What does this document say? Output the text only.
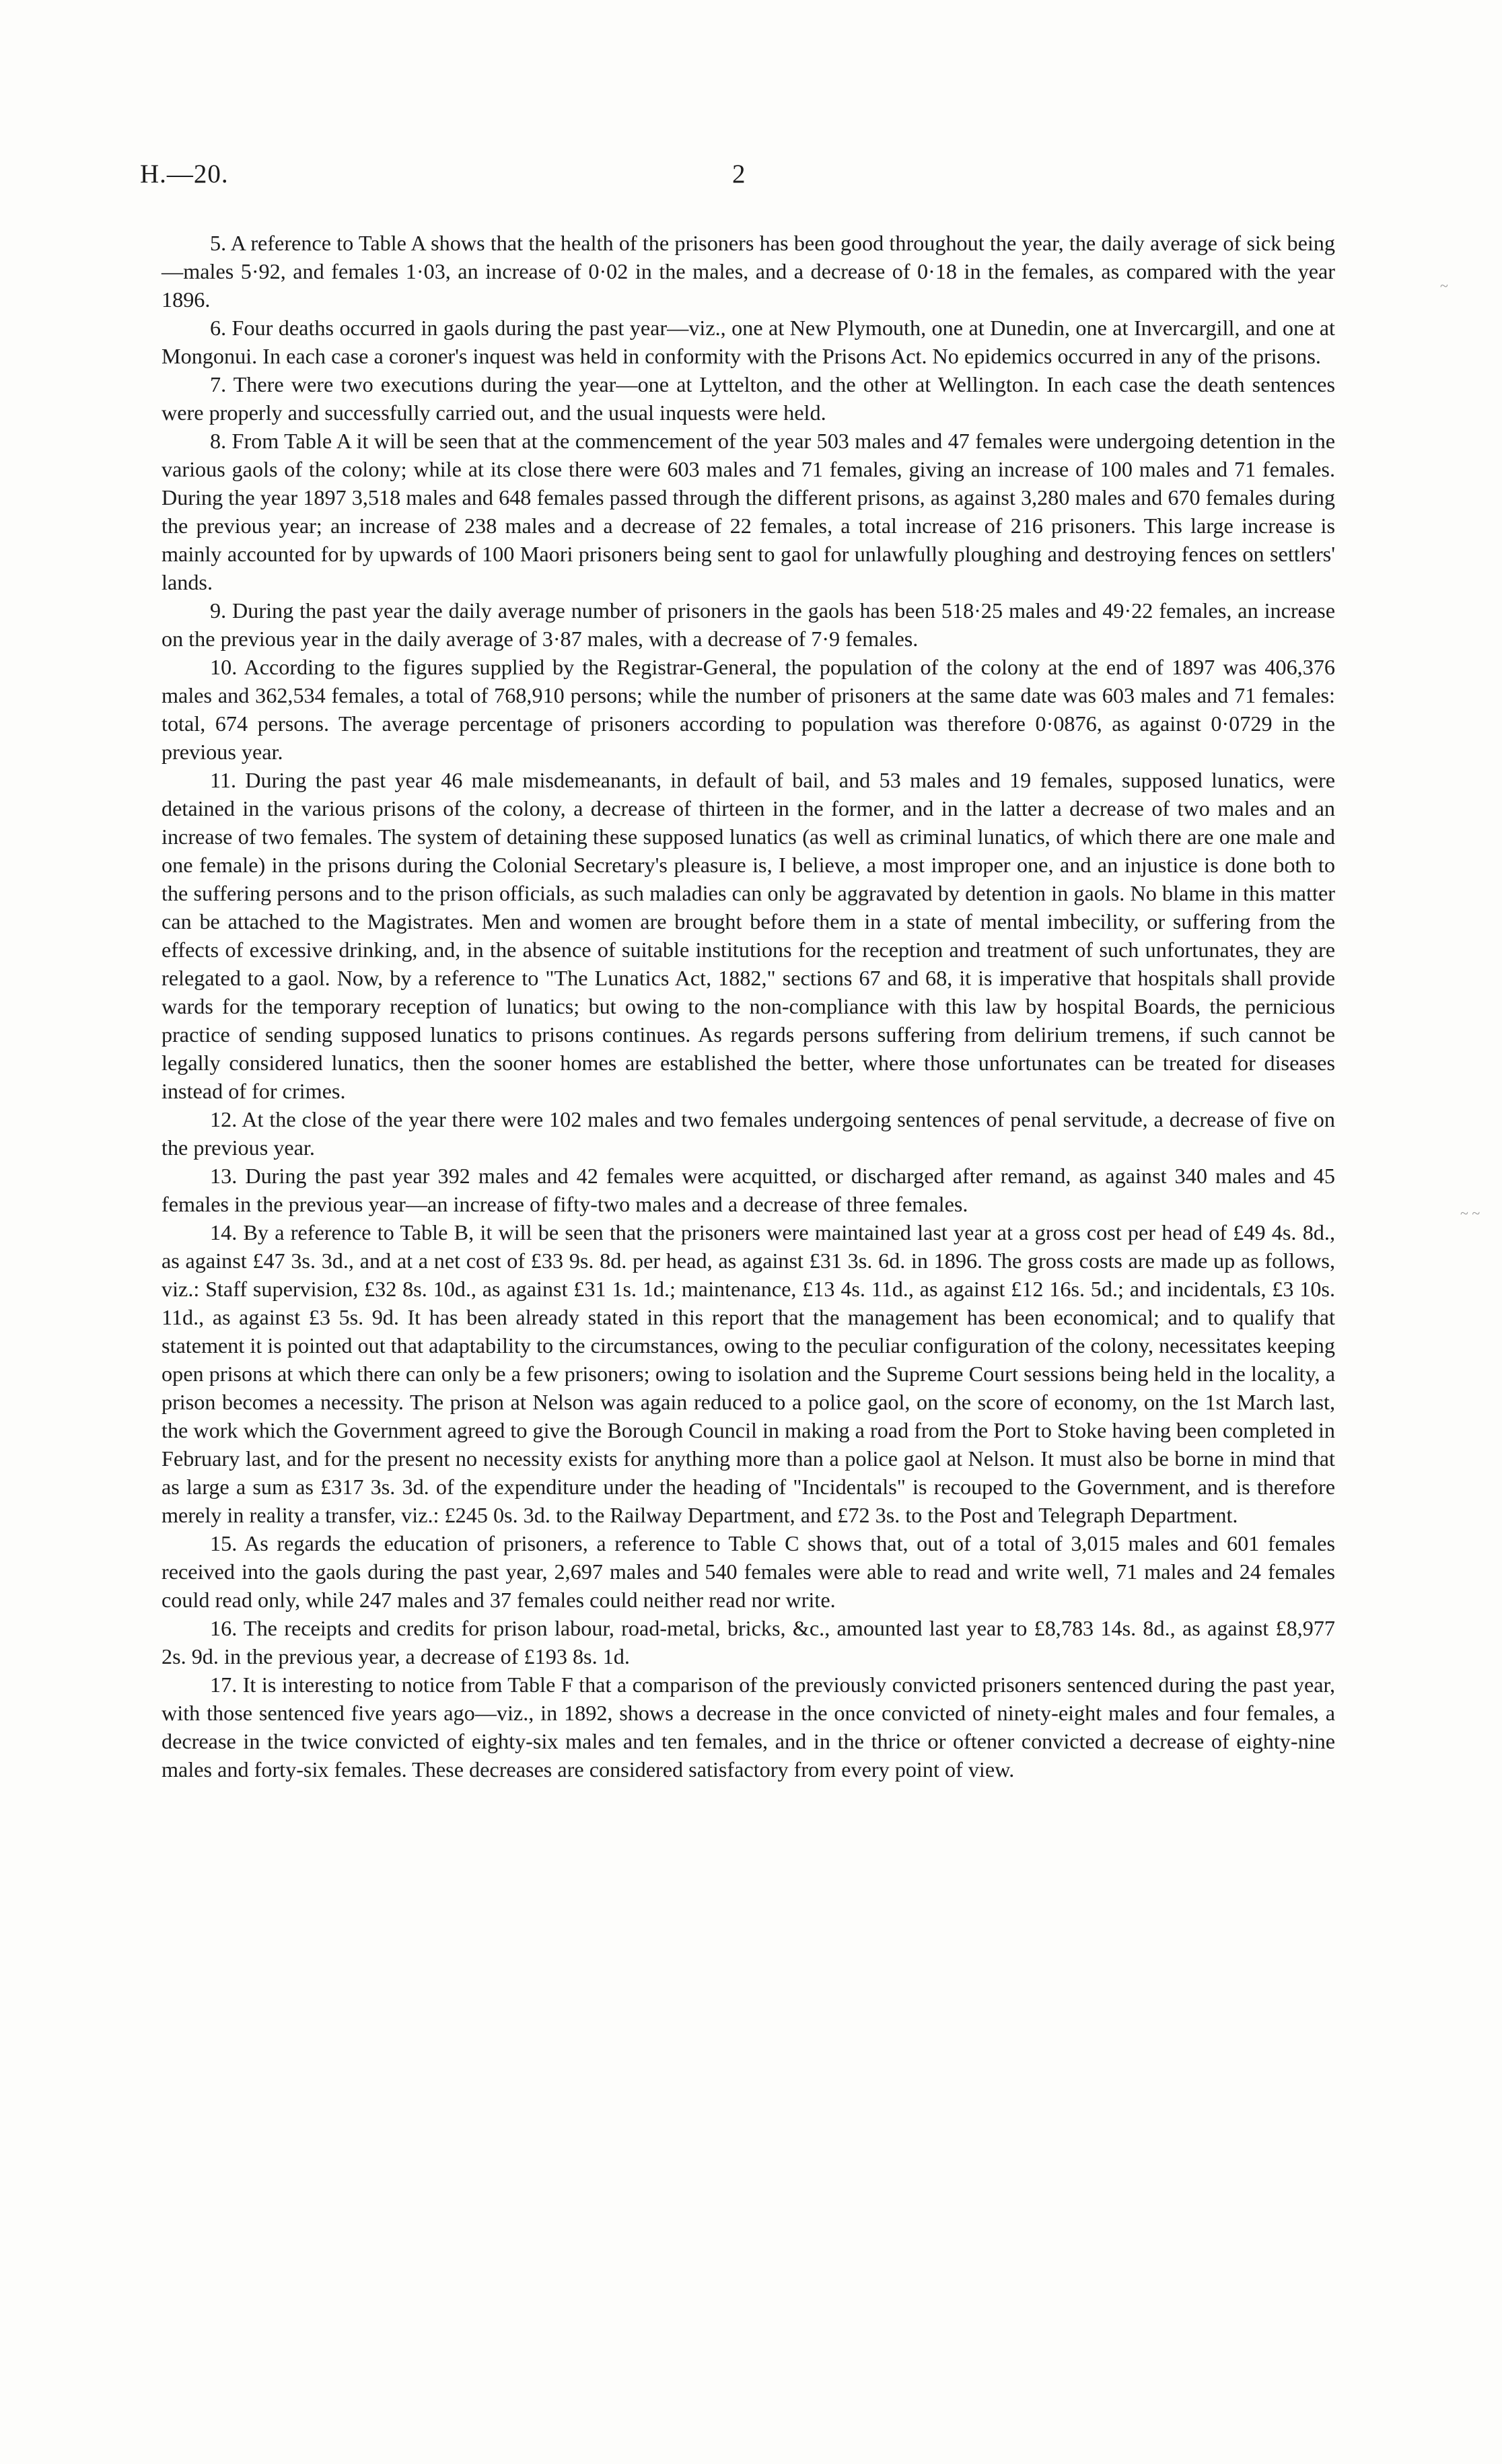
H.—20.	2
~
~ ~

5. A reference to Table A shows that the health of the prisoners has been good throughout the year, the daily average of sick being—males 5·92, and females 1·03, an increase of 0·02 in the males, and a decrease of 0·18 in the females, as compared with the year 1896.

6. Four deaths occurred in gaols during the past year—viz., one at New Plymouth, one at Dunedin, one at Invercargill, and one at Mongonui. In each case a coroner's inquest was held in conformity with the Prisons Act. No epidemics occurred in any of the prisons.

7. There were two executions during the year—one at Lyttelton, and the other at Wellington. In each case the death sentences were properly and successfully carried out, and the usual inquests were held.

8. From Table A it will be seen that at the commencement of the year 503 males and 47 females were undergoing detention in the various gaols of the colony; while at its close there were 603 males and 71 females, giving an increase of 100 males and 71 females. During the year 1897 3,518 males and 648 females passed through the different prisons, as against 3,280 males and 670 females during the previous year; an increase of 238 males and a decrease of 22 females, a total increase of 216 prisoners. This large increase is mainly accounted for by upwards of 100 Maori prisoners being sent to gaol for unlawfully ploughing and destroying fences on settlers' lands.

9. During the past year the daily average number of prisoners in the gaols has been 518·25 males and 49·22 females, an increase on the previous year in the daily average of 3·87 males, with a decrease of 7·9 females.

10. According to the figures supplied by the Registrar-General, the population of the colony at the end of 1897 was 406,376 males and 362,534 females, a total of 768,910 persons; while the number of prisoners at the same date was 603 males and 71 females: total, 674 persons. The average percentage of prisoners according to population was therefore 0·0876, as against 0·0729 in the previous year.

11. During the past year 46 male misdemeanants, in default of bail, and 53 males and 19 females, supposed lunatics, were detained in the various prisons of the colony, a decrease of thirteen in the former, and in the latter a decrease of two males and an increase of two females. The system of detaining these supposed lunatics (as well as criminal lunatics, of which there are one male and one female) in the prisons during the Colonial Secretary's pleasure is, I believe, a most improper one, and an injustice is done both to the suffering persons and to the prison officials, as such maladies can only be aggravated by detention in gaols. No blame in this matter can be attached to the Magistrates. Men and women are brought before them in a state of mental imbecility, or suffering from the effects of excessive drinking, and, in the absence of suitable institutions for the reception and treatment of such unfortunates, they are relegated to a gaol. Now, by a reference to "The Lunatics Act, 1882," sections 67 and 68, it is imperative that hospitals shall provide wards for the temporary reception of lunatics; but owing to the non-compliance with this law by hospital Boards, the pernicious practice of sending supposed lunatics to prisons continues. As regards persons suffering from delirium tremens, if such cannot be legally considered lunatics, then the sooner homes are established the better, where those unfortunates can be treated for diseases instead of for crimes.

12. At the close of the year there were 102 males and two females undergoing sentences of penal servitude, a decrease of five on the previous year.

13. During the past year 392 males and 42 females were acquitted, or discharged after remand, as against 340 males and 45 females in the previous year—an increase of fifty-two males and a decrease of three females.

14. By a reference to Table B, it will be seen that the prisoners were maintained last year at a gross cost per head of £49 4s. 8d., as against £47 3s. 3d., and at a net cost of £33 9s. 8d. per head, as against £31 3s. 6d. in 1896. The gross costs are made up as follows, viz.: Staff supervision, £32 8s. 10d., as against £31 1s. 1d.; maintenance, £13 4s. 11d., as against £12 16s. 5d.; and incidentals, £3 10s. 11d., as against £3 5s. 9d. It has been already stated in this report that the management has been economical; and to qualify that statement it is pointed out that adaptability to the circumstances, owing to the peculiar configuration of the colony, necessitates keeping open prisons at which there can only be a few prisoners; owing to isolation and the Supreme Court sessions being held in the locality, a prison becomes a necessity. The prison at Nelson was again reduced to a police gaol, on the score of economy, on the 1st March last, the work which the Government agreed to give the Borough Council in making a road from the Port to Stoke having been completed in February last, and for the present no necessity exists for anything more than a police gaol at Nelson. It must also be borne in mind that as large a sum as £317 3s. 3d. of the expenditure under the heading of "Incidentals" is recouped to the Government, and is therefore merely in reality a transfer, viz.: £245 0s. 3d. to the Railway Department, and £72 3s. to the Post and Telegraph Department.

15. As regards the education of prisoners, a reference to Table C shows that, out of a total of 3,015 males and 601 females received into the gaols during the past year, 2,697 males and 540 females were able to read and write well, 71 males and 24 females could read only, while 247 males and 37 females could neither read nor write.

16. The receipts and credits for prison labour, road-metal, bricks, &c., amounted last year to £8,783 14s. 8d., as against £8,977 2s. 9d. in the previous year, a decrease of £193 8s. 1d.

17. It is interesting to notice from Table F that a comparison of the previously convicted prisoners sentenced during the past year, with those sentenced five years ago—viz., in 1892, shows a decrease in the once convicted of ninety-eight males and four females, a decrease in the twice convicted of eighty-six males and ten females, and in the thrice or oftener convicted a decrease of eighty-nine males and forty-six females. These decreases are considered satisfactory from every point of view.
